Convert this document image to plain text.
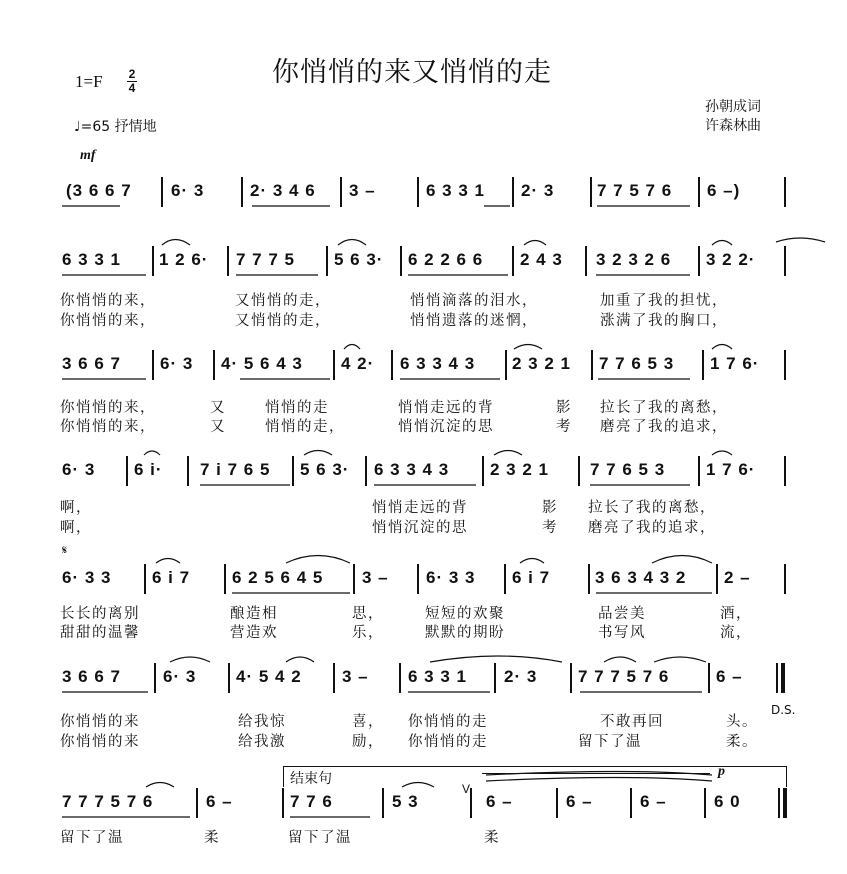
你悄悄的来又悄悄的走
1=F 2
4
♩=65 抒情地
孙朝成词
许森林曲
mf
(3 6 6 7 6· 3	2· 3 4 6 3 –	6 3 3 1 2· 3	7 7 5 7 6 6 –)
6 3 3 1 1 2 6· 7 7 7 5 5 6 3· 6 2 2 6 6 2 4 3 3 2 3 2 6 3 2 2·
你悄悄的来，	又悄悄的走，	悄悄滴落的泪水，	加重了我的担忧，
你悄悄的来，	又悄悄的走，	悄悄遗落的迷惘，	涨满了我的胸口，
3 6 6 7 6· 3 4· 5 6 4 3 4 2· 6 3 3 4 3 2 3 2 1 7 7 6 5 3 1 7 6·
你悄悄的来，	又	悄悄的走	悄悄走远的背	影 拉长了我的离愁，
你悄悄的来，	又	悄悄的走，	悄悄沉淀的思	考 磨亮了我的追求，
6· 3 6 i· 7 i 7 6 5 5 6 3· 6 3 3 4 3 2 3 2 1 7 7 6 5 3 1 7 6·
啊，	悄悄走远的背	影 拉长了我的离愁，
啊，	悄悄沉淀的思	考 磨亮了我的追求，
𝄋
6· 3 3 6 i 7 6 2 5 6 4 5 3 – 6· 3 3 6 i 7	3 6 3 4 3 2 2 –
长长的离别	酿造相	思，	短短的欢聚	品尝美	酒，
甜甜的温馨	营造欢	乐，	默默的期盼	书写风	流，
3 6 6 7 6· 3 4· 5 4 2 3 – 6 3 3 1 2· 3 7 7 7 5 7 6	6 –
D.S.
你悄悄的来	给我惊	喜， 你悄悄的走	不敢再回	头。
你悄悄的来	给我激	励， 你悄悄的走	留下了温	柔。
结束句
V
p
7 7 7 5 7 6	6 –	7 7 6	5 3	6 –	6 –	6 –	6 0
留下了温	柔	留下了温	柔
